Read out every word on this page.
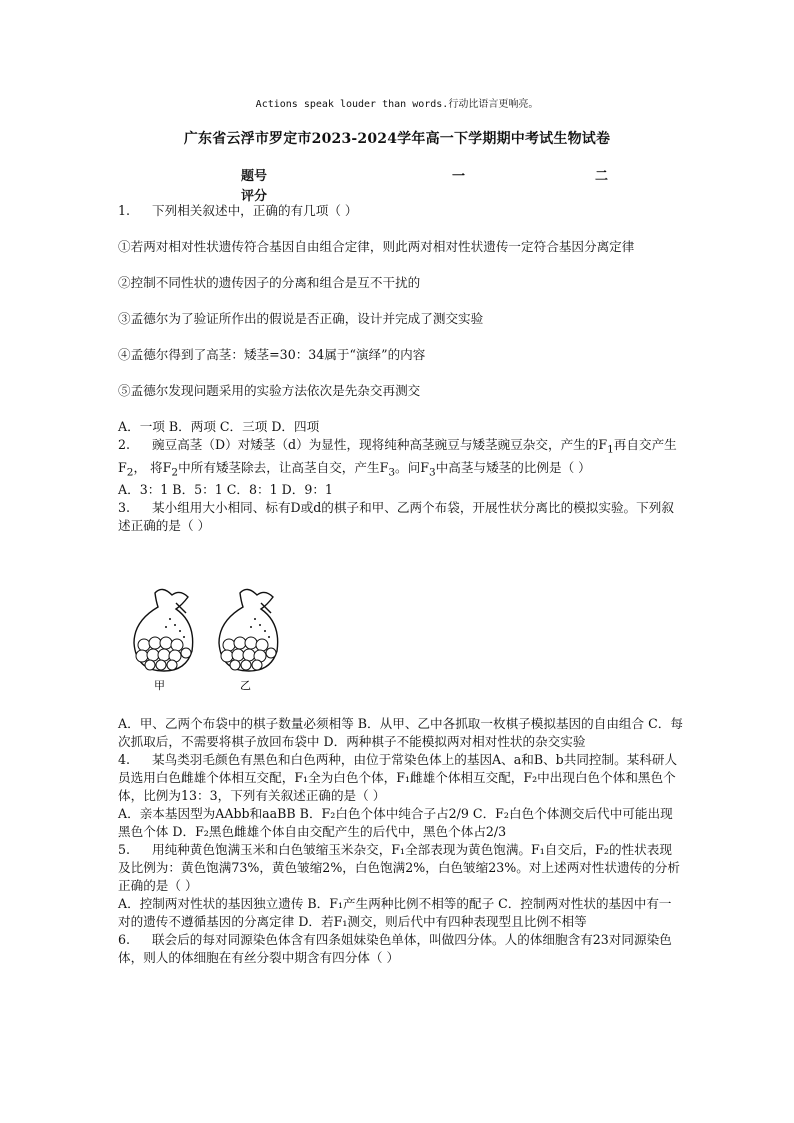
Actions speak louder than words.行动比语言更响亮。
广东省云浮市罗定市2023-2024学年高一下学期期中考试生物试卷
题号	一	二
评分

1. 下列相关叙述中，正确的有几项（ ）

①若两对相对性状遗传符合基因自由组合定律，则此两对相对性状遗传一定符合基因分离定律

②控制不同性状的遗传因子的分离和组合是互不干扰的

③孟德尔为了验证所作出的假说是否正确，设计并完成了测交实验

④孟德尔得到了高茎：矮茎=30：34属于“演绎”的内容

⑤孟德尔发现问题采用的实验方法依次是先杂交再测交

A．一项 B．两项 C．三项 D．四项

2. 豌豆高茎（D）对矮茎（d）为显性，现将纯种高茎豌豆与矮茎豌豆杂交，产生的$F_1$再自交产生$F_2$， 将$F_2$中所有矮茎除去，让高茎自交，产生$F_3$。问$F_3$中高茎与矮茎的比例是（ ）

A．3：1 B．5：1 C．8：1 D．9：1

3. 某小组用大小相同、标有D或d的棋子和甲、乙两个布袋，开展性状分离比的模拟实验。下列叙述正确的是（ ）

甲	乙

A．甲、乙两个布袋中的棋子数量必须相等 B．从甲、乙中各抓取一枚棋子模拟基因的自由组合 C．每次抓取后，不需要将棋子放回布袋中 D．两种棋子不能模拟两对相对性状的杂交实验

4. 某鸟类羽毛颜色有黑色和白色两种，由位于常染色体上的基因A、a和B、b共同控制。某科研人员选用白色雌雄个体相互交配，F₁全为白色个体，F₁雌雄个体相互交配，F₂中出现白色个体和黑色个体，比例为13：3，下列有关叙述正确的是（ ）

A．亲本基因型为AAbb和aaBB B．F₂白色个体中纯合子占2/9 C．F₂白色个体测交后代中可能出现黑色个体 D．F₂黑色雌雄个体自由交配产生的后代中，黑色个体占2/3

5. 用纯种黄色饱满玉米和白色皱缩玉米杂交，F₁全部表现为黄色饱满。F₁自交后，F₂的性状表现及比例为：黄色饱满73%，黄色皱缩2%，白色饱满2%，白色皱缩23%。对上述两对性状遗传的分析正确的是（ ）

A．控制两对性状的基因独立遗传 B．F₁产生两种比例不相等的配子 C．控制两对性状的基因中有一对的遗传不遵循基因的分离定律 D．若F₁测交，则后代中有四种表现型且比例不相等

6. 联会后的每对同源染色体含有四条姐妹染色单体，叫做四分体。人的体细胞含有23对同源染色体，则人的体细胞在有丝分裂中期含有四分体（ ）
